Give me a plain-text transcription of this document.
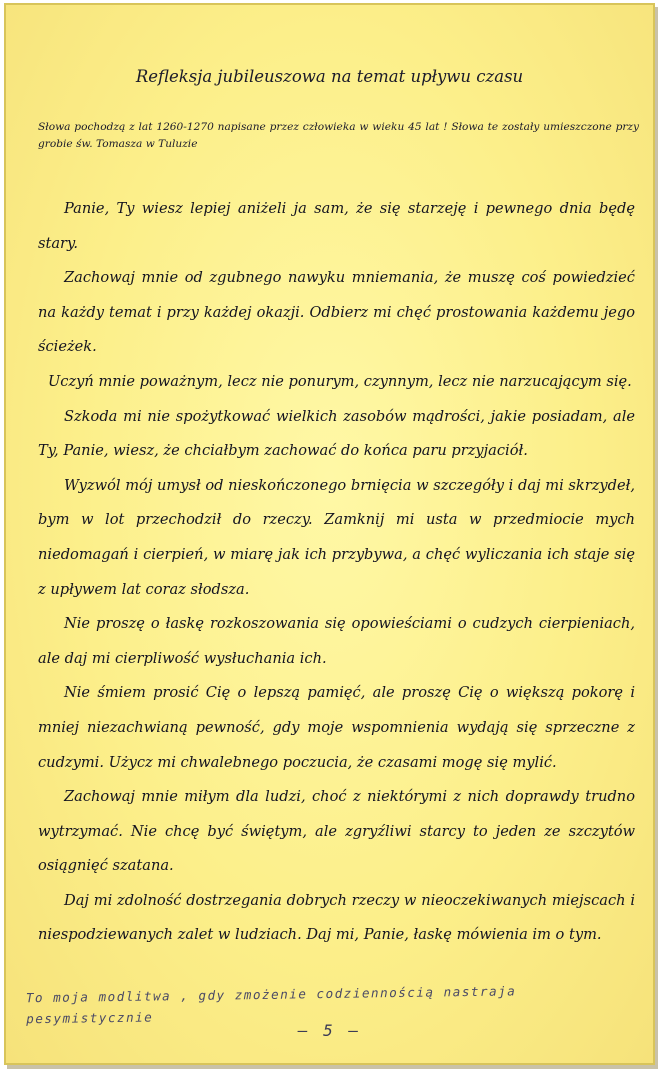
Refleksja jubileuszowa na temat upływu czasu

Słowa pochodzą z lat 1260-1270 napisane przez człowieka w wieku 45 lat ! Słowa te zostały umieszczone przy grobie św. Tomasza w Tuluzie

Panie, Ty wiesz lepiej aniżeli ja sam, że się starzeję i pewnego dnia będę stary.

Zachowaj mnie od zgubnego nawyku mniemania, że muszę coś powiedzieć na każdy temat i przy każdej okazji. Odbierz mi chęć prostowania każdemu jego ścieżek.

Uczyń mnie poważnym, lecz nie ponurym, czynnym, lecz nie narzucającym się.

Szkoda mi nie spożytkować wielkich zasobów mądrości, jakie posiadam, ale Ty, Panie, wiesz, że chciałbym zachować do końca paru przyjaciół.

Wyzwól mój umysł od nieskończonego brnięcia w szczegóły i daj mi skrzydeł, bym w lot przechodził do rzeczy. Zamknij mi usta w przedmiocie mych niedomagań i cierpień, w miarę jak ich przybywa, a chęć wyliczania ich staje się z upływem lat coraz słodsza.

Nie proszę o łaskę rozkoszowania się opowieściami o cudzych cierpieniach, ale daj mi cierpliwość wysłuchania ich.

Nie śmiem prosić Cię o lepszą pamięć, ale proszę Cię o większą pokorę i mniej niezachwianą pewność, gdy moje wspomnienia wydają się sprzeczne z cudzymi. Użycz mi chwalebnego poczucia, że czasami mogę się mylić.

Zachowaj mnie miłym dla ludzi, choć z niektórymi z nich doprawdy trudno wytrzymać. Nie chcę być świętym, ale zgryźliwi starcy to jeden ze szczytów osiągnięć szatana.

Daj mi zdolność dostrzegania dobrych rzeczy w nieoczekiwanych miejscach i niespodziewanych zalet w ludziach. Daj mi, Panie, łaskę mówienia im o tym.

To moja modlitwa , gdy zmożenie codziennością nastraja pesymistycznie

– 5 –
